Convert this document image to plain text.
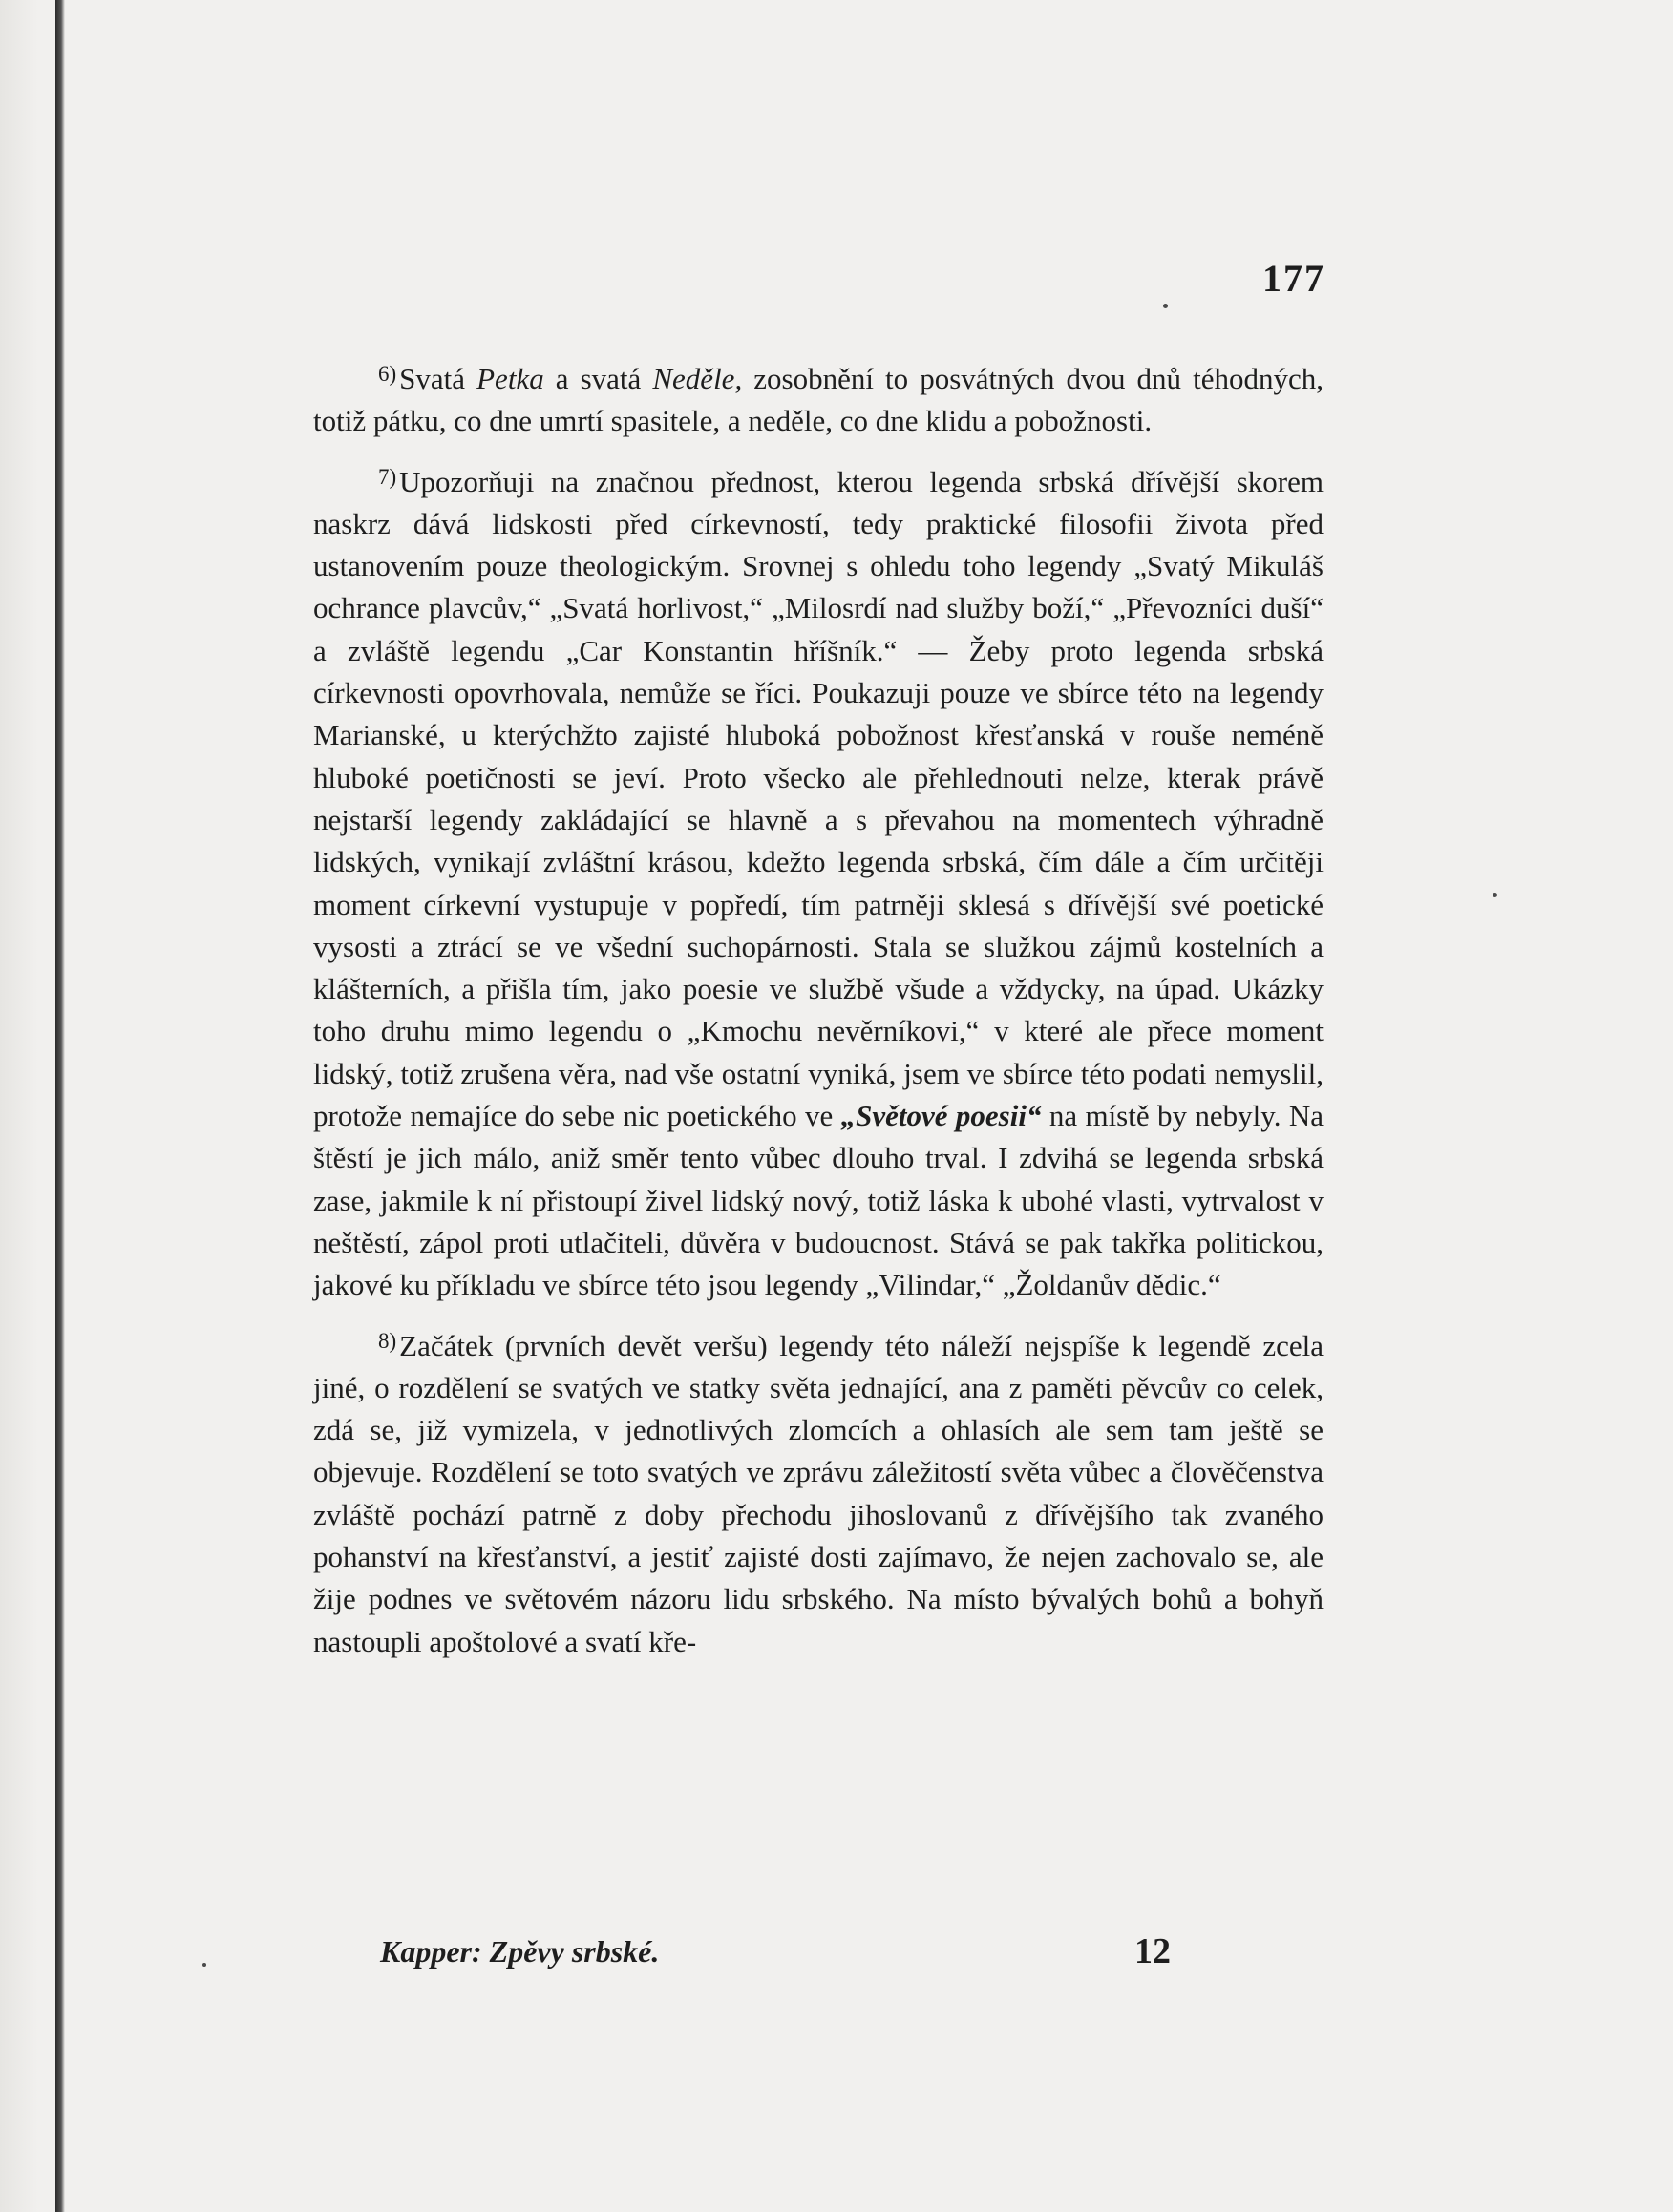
177

$^{6)}$Svatá Petka a svatá Neděle, zosobnění to posvátných dvou dnů téhodných, totiž pátku, co dne umrtí spasitele, a neděle, co dne klidu a pobožnosti.

$^{7)}$Upozorňuji na značnou přednost, kterou legenda srbská dřívější skorem naskrz dává lidskosti před církevností, tedy praktické filosofii života před ustanovením pouze theologickým. Srovnej s ohledu toho legendy „Svatý Mikuláš ochrance plavcův,“ „Svatá horlivost,“ „Milosrdí nad služby boží,“ „Převozníci duší“ a zvláště legendu „Car Konstantin hříšník.“ — Žeby proto legenda srbská církevnosti opovrhovala, nemůže se říci. Poukazuji pouze ve sbírce této na legendy Marianské, u kterýchžto zajisté hluboká pobožnost křesťanská v rouše neméně hluboké poetičnosti se jeví. Proto všecko ale přehlednouti nelze, kterak právě nejstarší legendy zakládající se hlavně a s převahou na momentech výhradně lidských, vynikají zvláštní krásou, kdežto legenda srbská, čím dále a čím určitěji moment církevní vystupuje v popředí, tím patrněji sklesá s dřívější své poetické vysosti a ztrácí se ve všední suchopárnosti. Stala se služkou zájmů kostelních a klášterních, a přišla tím, jako poesie ve službě všude a vždycky, na úpad. Ukázky toho druhu mimo legendu o „Kmochu nevěrníkovi,“ v které ale přece moment lidský, totiž zrušena věra, nad vše ostatní vyniká, jsem ve sbírce této podati nemyslil, protože nemajíce do sebe nic poetického ve „Světové poesii“ na místě by nebyly. Na štěstí je jich málo, aniž směr tento vůbec dlouho trval. I zdvihá se legenda srbská zase, jakmile k ní přistoupí živel lidský nový, totiž láska k ubohé vlasti, vytrvalost v neštěstí, zápol proti utlačiteli, důvěra v budoucnost. Stává se pak takřka politickou, jakové ku příkladu ve sbírce této jsou legendy „Vilindar,“ „Žoldanův dědic.“

$^{8)}$Začátek (prvních devět veršu) legendy této náleží nejspíše k legendě zcela jiné, o rozdělení se svatých ve statky světa jednající, ana z paměti pěvcův co celek, zdá se, již vymizela, v jednotlivých zlomcích a ohlasích ale sem tam ještě se objevuje. Rozdělení se toto svatých ve zprávu záležitostí světa vůbec a člověčenstva zvláště pochází patrně z doby přechodu jihoslovanů z dřívějšího tak zvaného pohanství na křesťanství, a jestiť zajisté dosti zajímavo, že nejen zachovalo se, ale žije podnes ve světovém názoru lidu srbského. Na místo bývalých bohů a bohyň nastoupli apoštolové a svatí kře-

Kapper: Zpěvy srbské.	12
